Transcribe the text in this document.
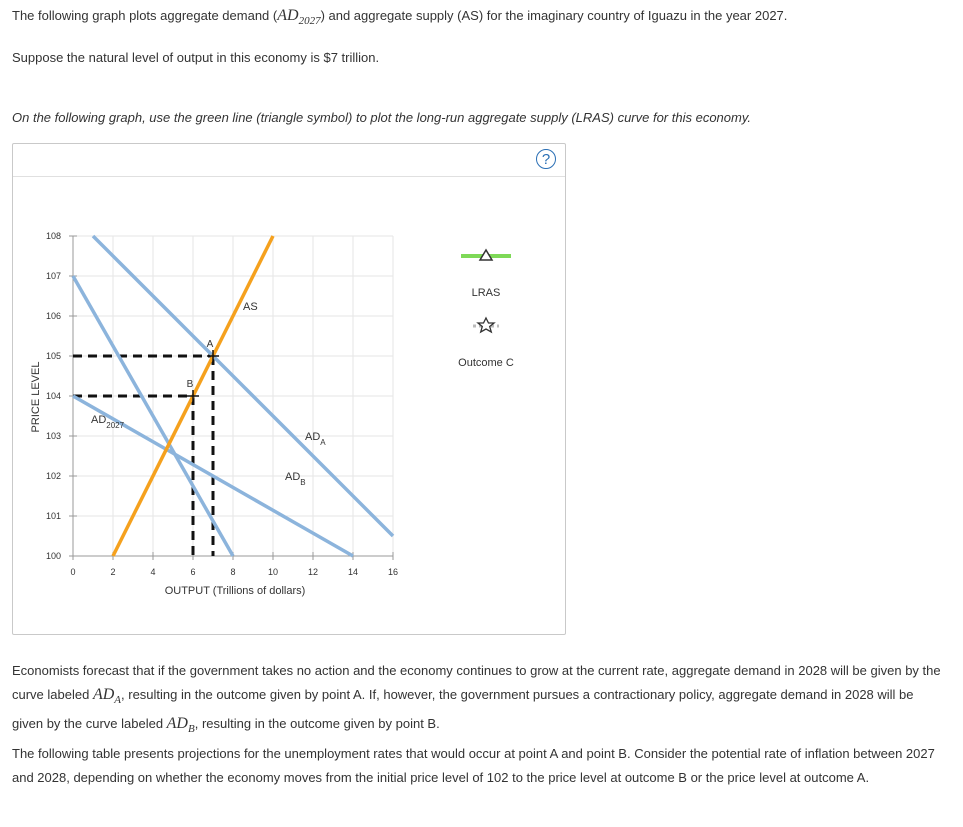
The following graph plots aggregate demand $(AD_{2027})$ and aggregate supply (AS) for the imaginary country of Iguazu in the year 2027.
Suppose the natural level of output in this economy is $7 trillion.
On the following graph, use the green line (triangle symbol) to plot the long-run aggregate supply (LRAS) curve for this economy.
?
0	2	4	6	8	10	12	14	16
100
101
102
103
104
105
106
107
108
A
B
$AD_{2027}$
$AD_A$
$AD_B$
AS
PRICE LEVEL
OUTPUT (Trillions of dollars)
LRAS
Outcome C
Economists forecast that if the government takes no action and the economy continues to grow at the current rate, aggregate demand in 2028 will be given by the curve labeled $AD_A$, resulting in the outcome given by point A. If, however, the government pursues a contractionary policy, aggregate demand in 2028 will be given by the curve labeled $AD_B$, resulting in the outcome given by point B.
The following table presents projections for the unemployment rates that would occur at point A and point B. Consider the potential rate of inflation between 2027 and 2028, depending on whether the economy moves from the initial price level of 102 to the price level at outcome B or the price level at outcome A.
